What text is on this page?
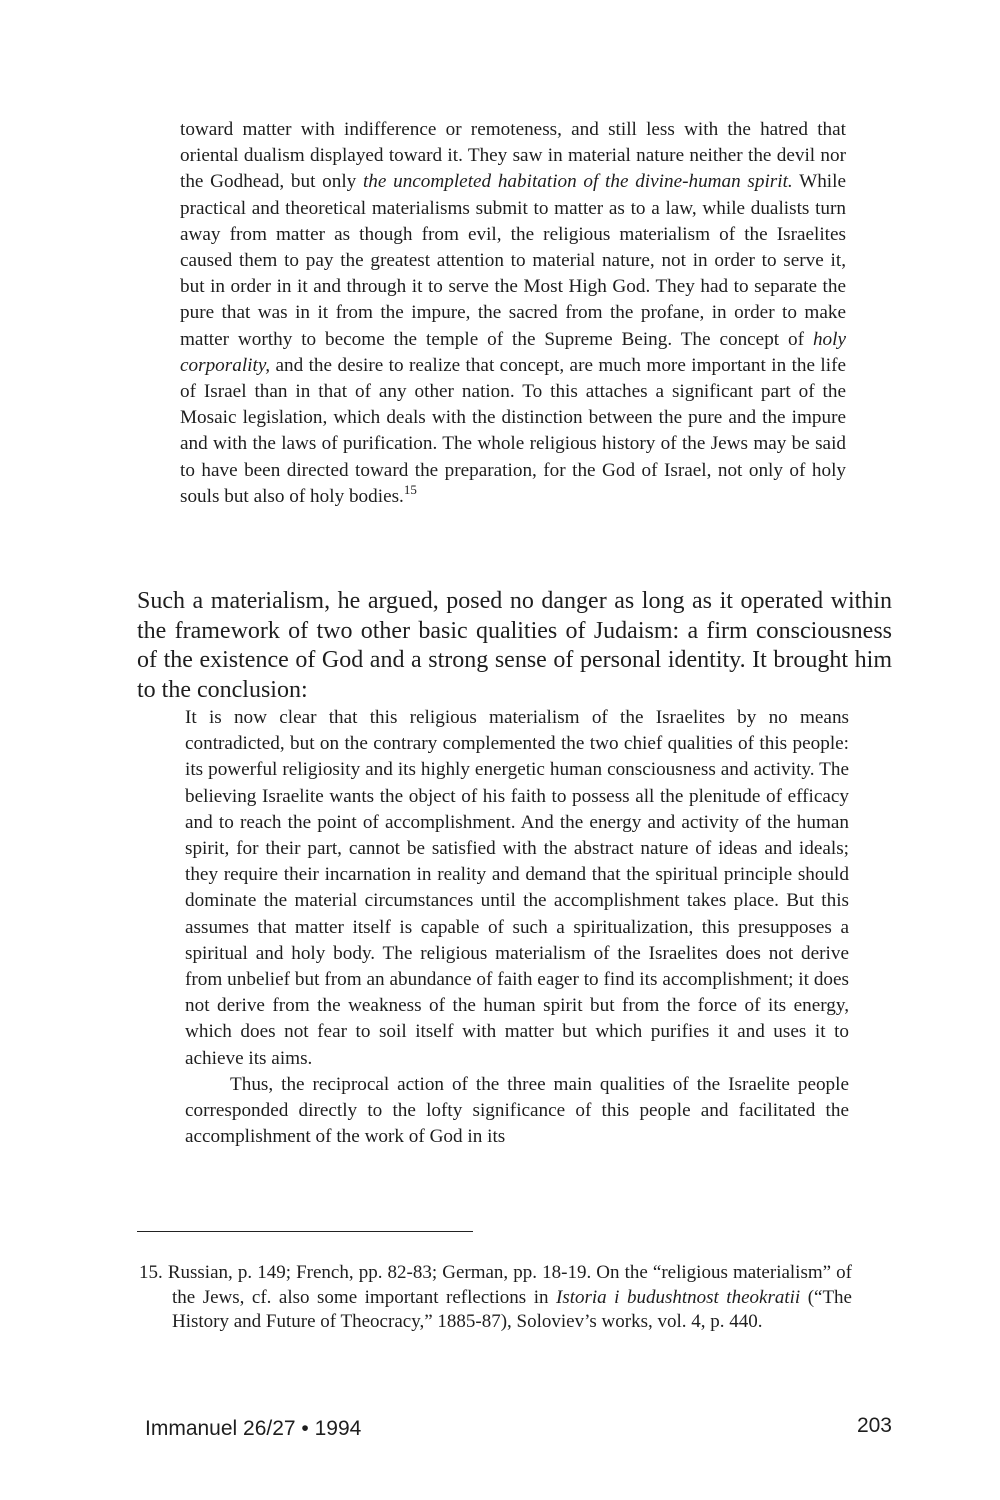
toward matter with indifference or remoteness, and still less with the hatred that oriental dualism displayed toward it. They saw in material nature neither the devil nor the Godhead, but only the uncompleted habitation of the divine-human spirit. While practical and theoretical materialisms submit to matter as to a law, while dualists turn away from matter as though from evil, the religious materialism of the Israelites caused them to pay the greatest attention to material nature, not in order to serve it, but in order in it and through it to serve the Most High God. They had to separate the pure that was in it from the impure, the sacred from the profane, in order to make matter worthy to become the temple of the Supreme Being. The concept of holy corporality, and the desire to realize that concept, are much more important in the life of Israel than in that of any other nation. To this attaches a significant part of the Mosaic legislation, which deals with the distinction between the pure and the impure and with the laws of purification. The whole religious history of the Jews may be said to have been directed toward the preparation, for the God of Israel, not only of holy souls but also of holy bodies.$^{15}$

Such a materialism, he argued, posed no danger as long as it operated within the framework of two other basic qualities of Judaism: a firm consciousness of the existence of God and a strong sense of personal identity. It brought him to the conclusion:

It is now clear that this religious materialism of the Israelites by no means contradicted, but on the contrary complemented the two chief qualities of this people: its powerful religiosity and its highly energetic human consciousness and activity. The believing Israelite wants the object of his faith to possess all the plenitude of efficacy and to reach the point of accomplishment. And the energy and activity of the human spirit, for their part, cannot be satisfied with the abstract nature of ideas and ideals; they require their incarnation in reality and demand that the spiritual principle should dominate the material circumstances until the accomplishment takes place. But this assumes that matter itself is capable of such a spiritualization, this presupposes a spiritual and holy body. The religious materialism of the Israelites does not derive from unbelief but from an abundance of faith eager to find its accomplishment; it does not derive from the weakness of the human spirit but from the force of its energy, which does not fear to soil itself with matter but which purifies it and uses it to achieve its aims.

Thus, the reciprocal action of the three main qualities of the Israelite people corresponded directly to the lofty significance of this people and facilitated the accomplishment of the work of God in its

15. Russian, p. 149; French, pp. 82-83; German, pp. 18-19. On the “religious materialism” of the Jews, cf. also some important reflections in Istoria i budushtnost theokratii (“The History and Future of Theocracy,” 1885-87), Soloviev’s works, vol. 4, p. 440.

Immanuel 26/27 • 1994	203
